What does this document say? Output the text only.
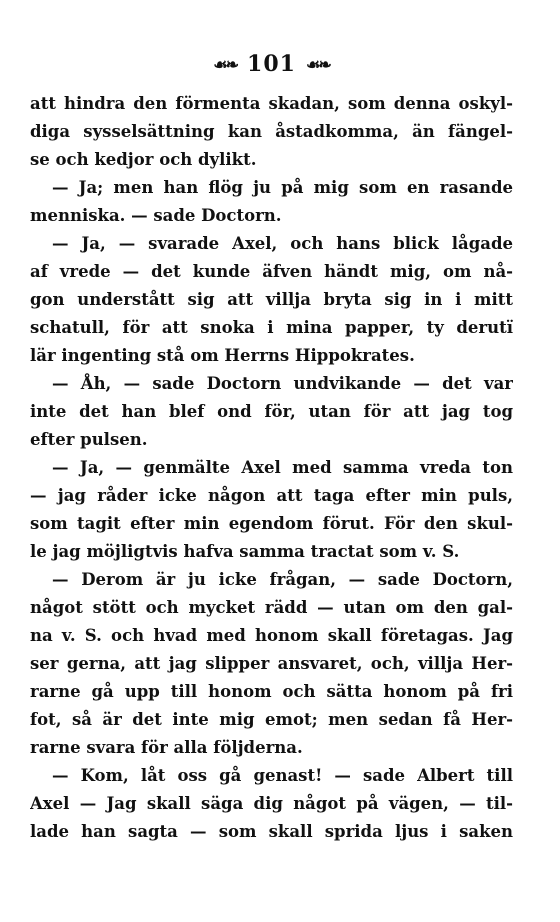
☙❧ 101 ☙❧
att hindra den förmenta skadan, som denna oskyl-
diga sysselsättning kan åstadkomma, än fängel-
se och kedjor och dylikt.
— Ja; men han flög ju på mig som en rasande
menniska. — sade Doctorn.
— Ja, — svarade Axel, och hans blick lågade
af vrede — det kunde äfven händt mig, om nå-
gon understått sig att villja bryta sig in i mitt
schatull, för att snoka i mina papper, ty derutï
lär ingenting stå om Herrns Hippokrates.
— Åh, — sade Doctorn undvikande — det var
inte det han blef ond för, utan för att jag tog
efter pulsen.
— Ja, — genmälte Axel med samma vreda ton
— jag råder icke någon att taga efter min puls,
som tagit efter min egendom förut. För den skul-
le jag möjligtvis hafva samma tractat som v. S.
— Derom är ju icke frågan, — sade Doctorn,
något stött och mycket rädd — utan om den gal-
na v. S. och hvad med honom skall företagas. Jag
ser gerna, att jag slipper ansvaret, och, villja Her-
rarne gå upp till honom och sätta honom på fri
fot, så är det inte mig emot; men sedan få Her-
rarne svara för alla följderna.
— Kom, låt oss gå genast! — sade Albert till
Axel — Jag skall säga dig något på vägen, — til-
lade han sagta — som skall sprida ljus i saken
